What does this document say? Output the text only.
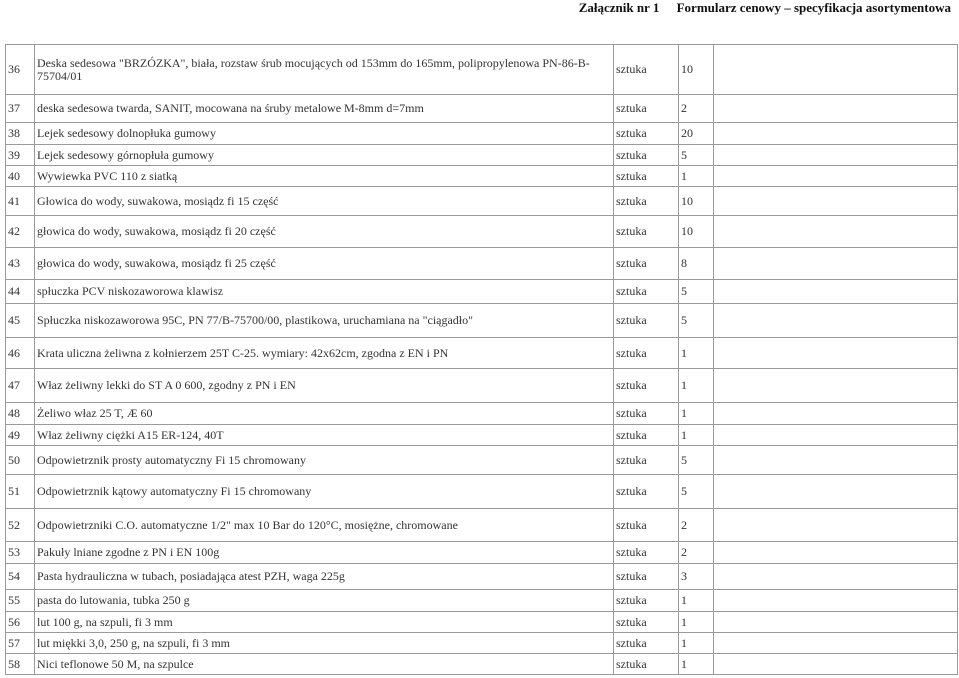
Załącznik nr 1 Formularz cenowy – specyfikacja asortymentowa
36	Deska sedesowa "BRZÓZKA", biała, rozstaw śrub mocujących od 153mm do 165mm, polipropylenowa PN-86-B-75704/01	sztuka	10	
37	deska sedesowa twarda, SANIT, mocowana na śruby metalowe M-8mm d=7mm	sztuka	2	
38	Lejek sedesowy dolnopłuka gumowy	sztuka	20	
39	Lejek sedesowy górnopłuła gumowy	sztuka	5	
40	Wywiewka PVC 110 z siatką	sztuka	1	
41	Głowica do wody, suwakowa, mosiądz fi 15 część	sztuka	10	
42	głowica do wody, suwakowa, mosiądz fi 20 część	sztuka	10	
43	głowica do wody, suwakowa, mosiądz fi 25 część	sztuka	8	
44	spłuczka PCV niskozaworowa klawisz	sztuka	5	
45	Spłuczka niskozaworowa 95C, PN 77/B-75700/00, plastikowa, uruchamiana na "ciągadło"	sztuka	5	
46	Krata uliczna żeliwna z kołnierzem 25T C-25. wymiary: 42x62cm, zgodna z EN i PN	sztuka	1	
47	Właz żeliwny lekki do ST A 0 600, zgodny z PN i EN	sztuka	1	
48	Żeliwo właz 25 T, Æ 60	sztuka	1	
49	Właz żeliwny ciężki A15 ER-124, 40T	sztuka	1	
50	Odpowietrznik prosty automatyczny Fi 15 chromowany	sztuka	5	
51	Odpowietrznik kątowy automatyczny Fi 15 chromowany	sztuka	5	
52	Odpowietrzniki C.O. automatyczne 1/2" max 10 Bar do 120°C, mosiężne, chromowane	sztuka	2	
53	Pakuły lniane zgodne z PN i EN 100g	sztuka	2	
54	Pasta hydrauliczna w tubach, posiadająca atest PZH, waga 225g	sztuka	3	
55	pasta do lutowania, tubka 250 g	sztuka	1	
56	lut 100 g, na szpuli, fi 3 mm	sztuka	1	
57	lut miękki 3,0, 250 g, na szpuli, fi 3 mm	sztuka	1	
58	Nici teflonowe 50 M, na szpulce	sztuka	1	
